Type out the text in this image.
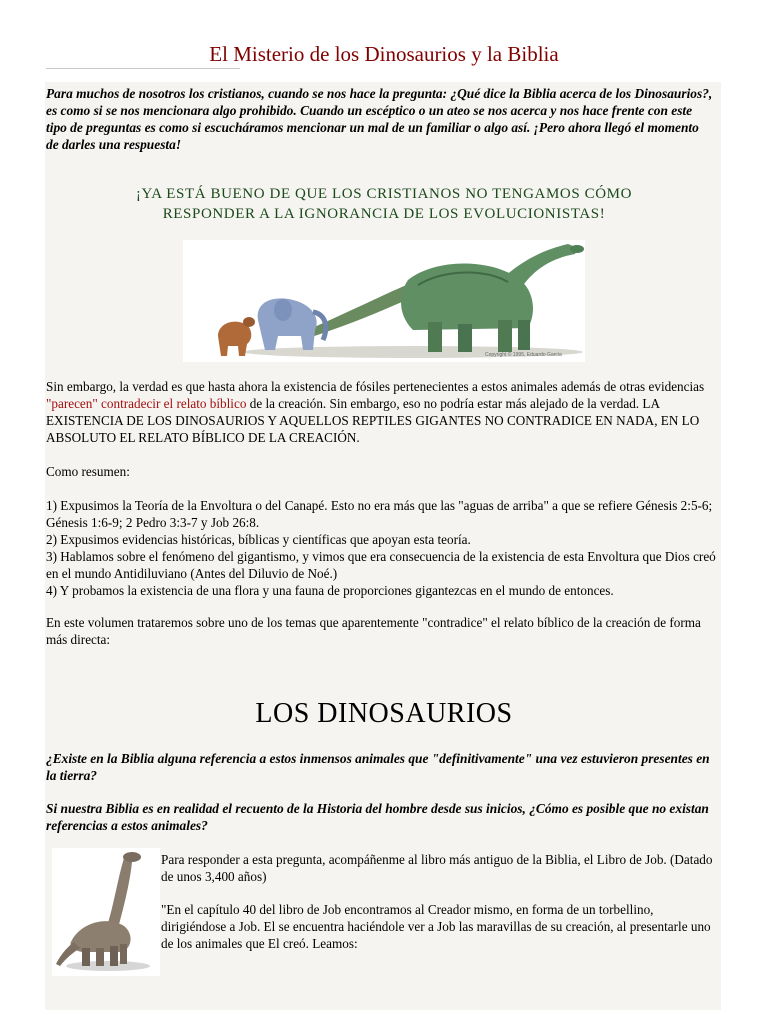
El Misterio de los Dinosaurios y la Biblia
Para muchos de nosotros los cristianos, cuando se nos hace la pregunta: ¿Qué dice la Biblia acerca de los Dinosaurios?, es como si se nos mencionara algo prohibido. Cuando un escéptico o un ateo se nos acerca y nos hace frente con este tipo de preguntas es como si escucháramos mencionar un mal de un familiar o algo así. ¡Pero ahora llegó el momento de darles una respuesta!
¡YA ESTÁ BUENO DE QUE LOS CRISTIANOS NO TENGAMOS CÓMO
RESPONDER A LA IGNORANCIA DE LOS EVOLUCIONISTAS!
Copyright © 1995, Eduardo Garcia
Sin embargo, la verdad es que hasta ahora la existencia de fósiles pertenecientes a estos animales además de otras evidencias "parecen" contradecir el relato bíblico de la creación. Sin embargo, eso no podría estar más alejado de la verdad. LA EXISTENCIA DE LOS DINOSAURIOS Y AQUELLOS REPTILES GIGANTES NO CONTRADICE EN NADA, EN LO ABSOLUTO EL RELATO BÍBLICO DE LA CREACIÓN.
Como resumen:
1) Expusimos la Teoría de la Envoltura o del Canapé. Esto no era más que las "aguas de arriba" a que se refiere Génesis 2:5-6; Génesis 1:6-9; 2 Pedro 3:3-7 y Job 26:8.
2) Expusimos evidencias históricas, bíblicas y científicas que apoyan esta teoría.
3) Hablamos sobre el fenómeno del gigantismo, y vimos que era consecuencia de la existencia de esta Envoltura que Dios creó en el mundo Antidiluviano (Antes del Diluvio de Noé.)
4) Y probamos la existencia de una flora y una fauna de proporciones gigantezcas en el mundo de entonces.
En este volumen trataremos sobre uno de los temas que aparentemente "contradice" el relato bíblico de la creación de forma más directa:
LOS DINOSAURIOS
¿Existe en la Biblia alguna referencia a estos inmensos animales que "definitivamente" una vez estuvieron presentes en la tierra?
Si nuestra Biblia es en realidad el recuento de la Historia del hombre desde sus inicios, ¿Cómo es posible que no existan referencias a estos animales?
Para responder a esta pregunta, acompáñenme al libro más antiguo de la Biblia, el Libro de Job. (Datado de unos 3,400 años)
"En el capítulo 40 del libro de Job encontramos al Creador mismo, en forma de un torbellino, dirigiéndose a Job. El se encuentra haciéndole ver a Job las maravillas de su creación, al presentarle uno de los animales que El creó. Leamos:
